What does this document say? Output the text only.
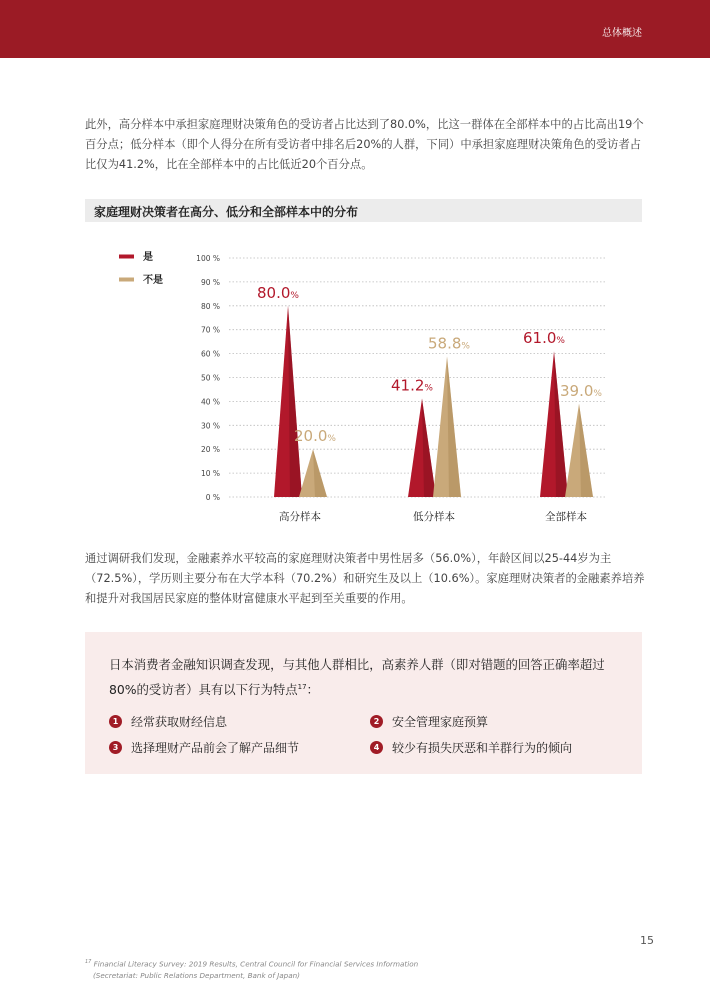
总体概述

此外，高分样本中承担家庭理财决策角色的受访者占比达到了80.0%，比这一群体在全部样本中的占比高出19个百分点；低分样本（即个人得分在所有受访者中排名后20%的人群，下同）中承担家庭理财决策角色的受访者占比仅为41.2%，比在全部样本中的占比低近20个百分点。

家庭理财决策者在高分、低分和全部样本中的分布
是
不是
0 %
10 %
20 %
30 %
40 %
50 %
60 %
70 %
80 %
90 %
100 %
80.0%
20.0%
高分样本
41.2%
58.8%
低分样本
61.0%
39.0%
全部样本

通过调研我们发现，金融素养水平较高的家庭理财决策者中男性居多（56.0%），年龄区间以25-44岁为主（72.5%），学历则主要分布在大学本科（70.2%）和研究生及以上（10.6%）。家庭理财决策者的金融素养培养和提升对我国居民家庭的整体财富健康水平起到至关重要的作用。

日本消费者金融知识调查发现，与其他人群相比，高素养人群（即对错题的回答正确率超过80%的受访者）具有以下行为特点$^{17}$：

1	经常获取财经信息	2	安全管理家庭预算
3	选择理财产品前会了解产品细节	4	较少有损失厌恶和羊群行为的倾向
15
$^{17}$ Financial Literacy Survey: 2019 Results, Central Council for Financial Services Information
(Secretariat: Public Relations Department, Bank of Japan)
